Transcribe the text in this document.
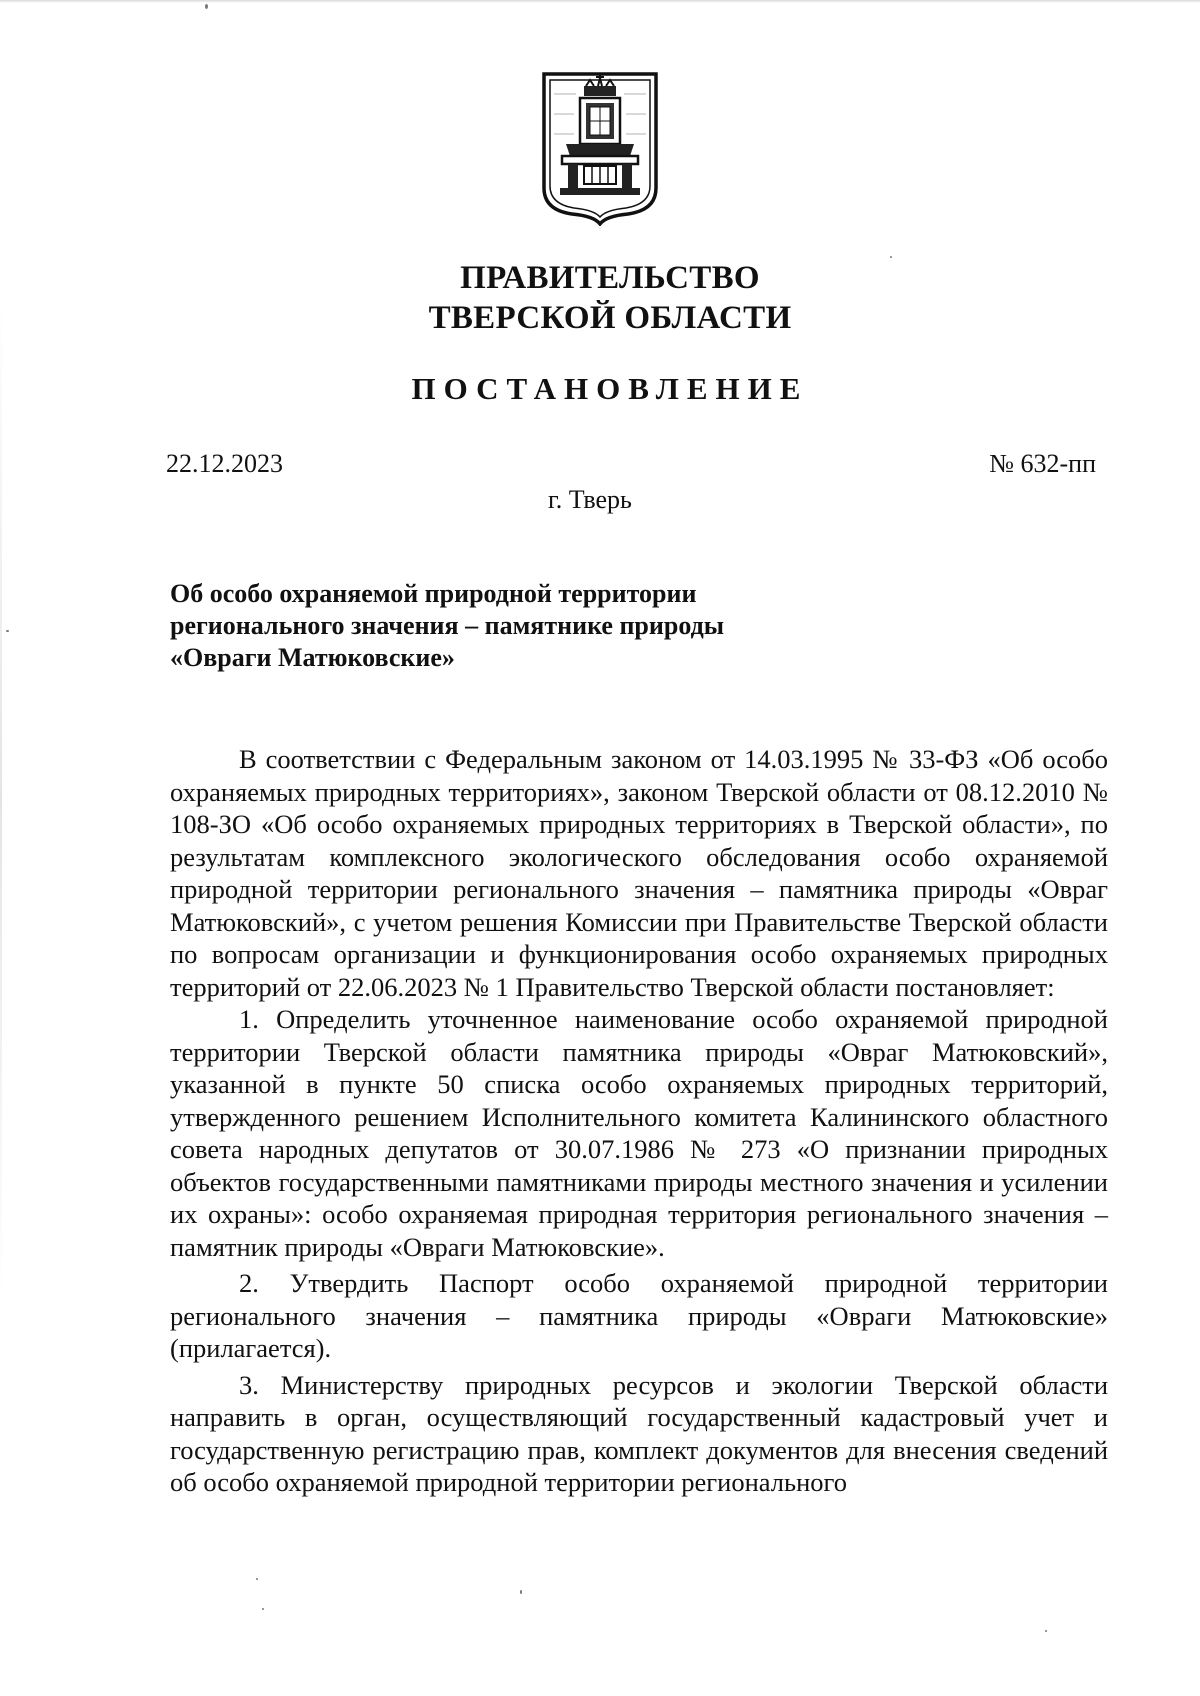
ПРАВИТЕЛЬСТВО
ТВЕРСКОЙ ОБЛАСТИ
ПОСТАНОВЛЕНИЕ
22.12.2023	№ 632-пп
г. Тверь
Об особо охраняемой природной территории
регионального значения – памятнике природы
«Овраги Матюковские»

В соответствии с Федеральным законом от 14.03.1995 № 33-ФЗ «Об особо охраняемых природных территориях», законом Тверской области от 08.12.2010 № 108-ЗО «Об особо охраняемых природных территориях в Тверской области», по результатам комплексного экологического обследования особо охраняемой природной территории регионального значения – памятника природы «Овраг Матюковский», с учетом решения Комиссии при Правительстве Тверской области по вопросам организации и функционирования особо охраняемых природных территорий от 22.06.2023 № 1 Правительство Тверской области постановляет:

1. Определить уточненное наименование особо охраняемой природной территории Тверской области памятника природы «Овраг Матюковский», указанной в пункте 50 списка особо охраняемых природных территорий, утвержденного решением Исполнительного комитета Калининского областного совета народных депутатов от 30.07.1986 № 273 «О признании природных объектов государственными памятниками природы местного значения и усилении их охраны»: особо охраняемая природная территория регионального значения – памятник природы «Овраги Матюковские».

2. Утвердить Паспорт особо охраняемой природной территории регионального значения – памятника природы «Овраги Матюковские» (прилагается).

3. Министерству природных ресурсов и экологии Тверской области направить в орган, осуществляющий государственный кадастровый учет и государственную регистрацию прав, комплект документов для внесения сведений об особо охраняемой природной территории регионального
